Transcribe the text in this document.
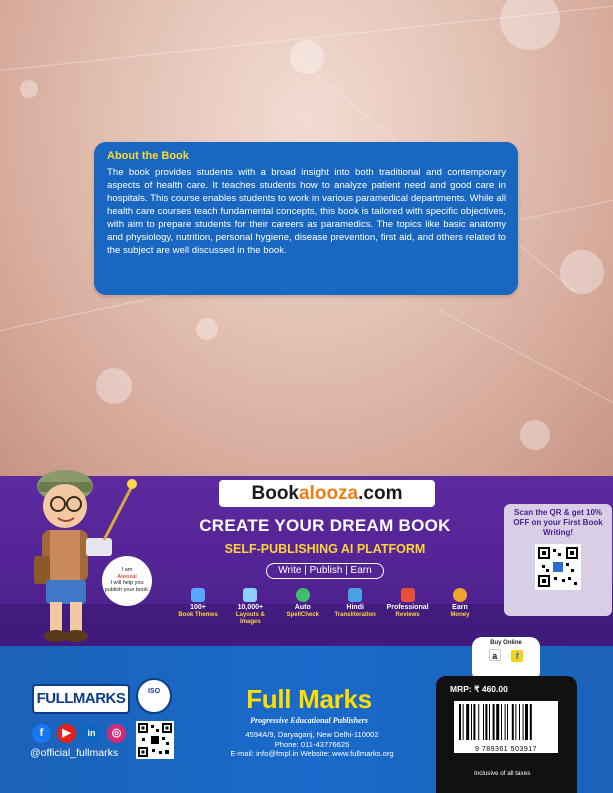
About the Book
The book provides students with a broad insight into both traditional and contemporary aspects of health care. It teaches students how to analyze patient need and good care in hospitals. This course enables students to work in various paramedical departments. While all health care courses teach fundamental concepts, this book is tailored with specific objectives, with aim to prepare students for their careers as paramedics. The topics like basic anatomy and physiology, nutrition, personal hygiene, disease prevention, first aid, and others related to the subject are well discussed in the book.
Bookalooza.com
CREATE YOUR DREAM BOOK
SELF-PUBLISHING AI PLATFORM
Write | Publish | Earn
100+
Book Themes
10,000+
Layouts & Images
Auto
SpellCheck
Hindi
Transliteration
Professional
Reviews
Earn
Money
Scan the QR & get 10% OFF on your First Book Writing!
I am
Aloozal
I will help you publish your book.
FULLMARKS	ISO
f	▶	in	◎
@official_fullmarks
Full Marks
Progressive Educational Publishers
4594A/9, Daryaganj, New Delhi-110002
Phone: 011-43776625
E-mail: info@fmpl.in Website: www.fullmarks.org
Buy Online
a f
MRP: ₹ 460.00
9 789361 503917
Inclusive of all taxes
